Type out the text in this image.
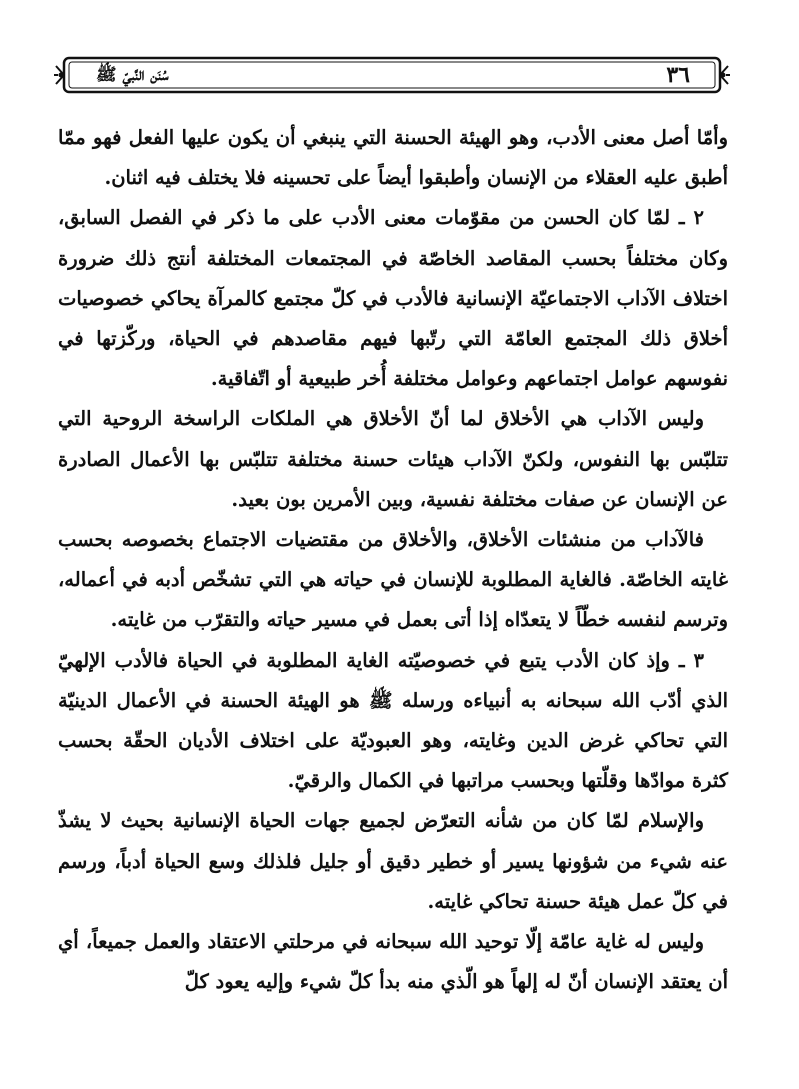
٣٦
سُنَن النَّبيّ ﷺ

وأمّا أصل معنى الأدب، وهو الهيئة الحسنة التي ينبغي أن يكون عليها الفعل فهو ممّا أطبق عليه العقلاء من الإنسان وأطبقوا أيضاً على تحسينه فلا يختلف فيه اثنان.

٢ ـ لمّا كان الحسن من مقوّمات معنى الأدب على ما ذكر في الفصل السابق، وكان مختلفاً بحسب المقاصد الخاصّة في المجتمعات المختلفة أنتج ذلك ضرورة اختلاف الآداب الاجتماعيّة الإنسانية فالأدب في كلّ مجتمع كالمرآة يحاكي خصوصيات أخلاق ذلك المجتمع العامّة التي رتّبها فيهم مقاصدهم في الحياة، وركّزتها في نفوسهم عوامل اجتماعهم وعوامل مختلفة أُخر طبيعية أو اتّفاقية.

وليس الآداب هي الأخلاق لما أنّ الأخلاق هي الملكات الراسخة الروحية التي تتلبّس بها النفوس، ولكنّ الآداب هيئات حسنة مختلفة تتلبّس بها الأعمال الصادرة عن الإنسان عن صفات مختلفة نفسية، وبين الأمرين بون بعيد.

فالآداب من منشئات الأخلاق، والأخلاق من مقتضيات الاجتماع بخصوصه بحسب غايته الخاصّة. فالغاية المطلوبة للإنسان في حياته هي التي تشخّص أدبه في أعماله، وترسم لنفسه خطّاً لا يتعدّاه إذا أتى بعمل في مسير حياته والتقرّب من غايته.

٣ ـ وإذ كان الأدب يتبع في خصوصيّته الغاية المطلوبة في الحياة فالأدب الإلهيّ الذي أدّب الله سبحانه به أنبياءه ورسله ﷺ هو الهيئة الحسنة في الأعمال الدينيّة التي تحاكي غرض الدين وغايته، وهو العبوديّة على اختلاف الأديان الحقّة بحسب كثرة موادّها وقلّتها وبحسب مراتبها في الكمال والرقيّ.

والإسلام لمّا كان من شأنه التعرّض لجميع جهات الحياة الإنسانية بحيث لا يشذّ عنه شيء من شؤونها يسير أو خطير دقيق أو جليل فلذلك وسع الحياة أدباً، ورسم في كلّ عمل هيئة حسنة تحاكي غايته.

وليس له غاية عامّة إلّا توحيد الله سبحانه في مرحلتي الاعتقاد والعمل جميعاً، أي أن يعتقد الإنسان أنّ له إلهاً هو الّذي منه بدأ كلّ شيء وإليه يعود كلّ
